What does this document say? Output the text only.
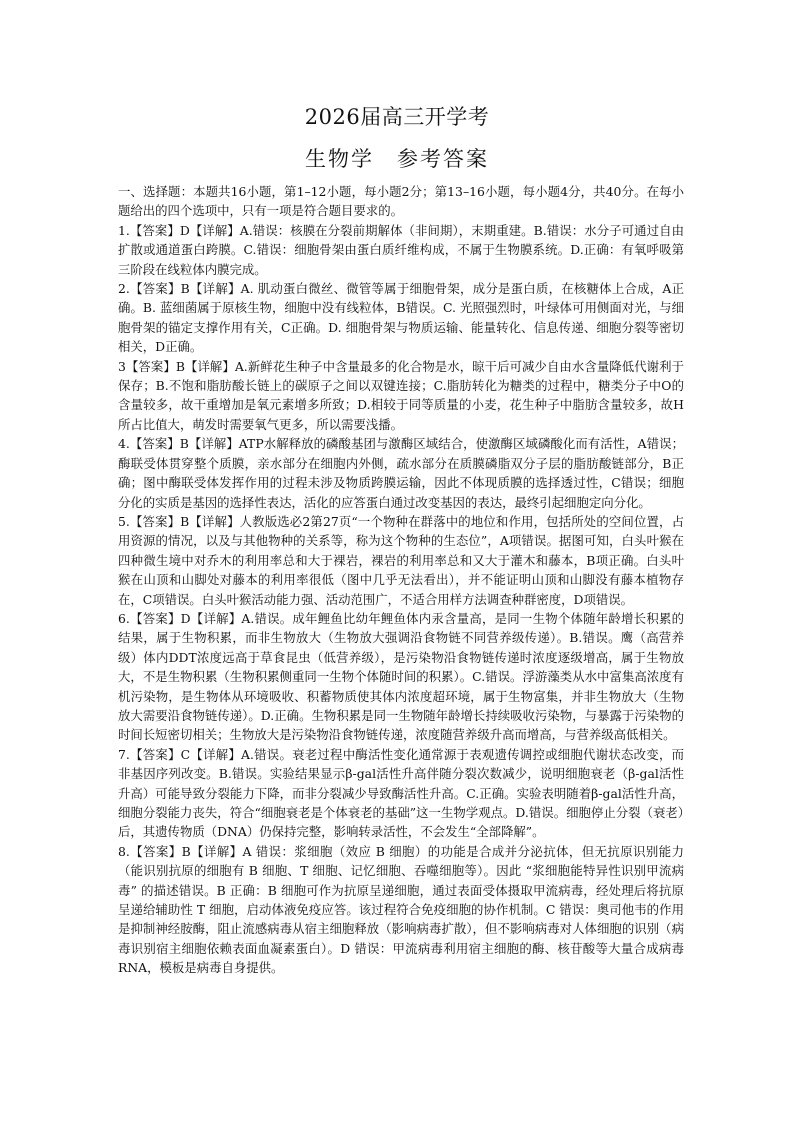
2026届高三开学考
生物学　参考答案

一、选择题：本题共16小题，第1–12小题，每小题2分；第13–16小题，每小题4分，共40分。在每小题给出的四个选项中，只有一项是符合题目要求的。

1.【答案】D【详解】A.错误：核膜在分裂前期解体（非间期），末期重建。B.错误：水分子可通过自由扩散或通道蛋白跨膜。C.错误：细胞骨架由蛋白质纤维构成，不属于生物膜系统。D.正确：有氧呼吸第三阶段在线粒体内膜完成。

2.【答案】B【详解】A. 肌动蛋白微丝、微管等属于细胞骨架，成分是蛋白质，在核糖体上合成，A正确。B. 蓝细菌属于原核生物，细胞中没有线粒体，B错误。C. 光照强烈时，叶绿体可用侧面对光，与细胞骨架的锚定支撑作用有关，C正确。D. 细胞骨架与物质运输、能量转化、信息传递、细胞分裂等密切相关，D正确。

3【答案】B【详解】A.新鲜花生种子中含量最多的化合物是水，晾干后可减少自由水含量降低代谢利于保存；B.不饱和脂肪酸长链上的碳原子之间以双键连接；C.脂肪转化为糖类的过程中，糖类分子中O的含量较多，故干重增加是氧元素增多所致；D.相较于同等质量的小麦，花生种子中脂肪含量较多，故H所占比值大，萌发时需要氧气更多，所以需要浅播。

4.【答案】B【详解】ATP水解释放的磷酸基团与激酶区域结合，使激酶区域磷酸化而有活性，A错误；酶联受体贯穿整个质膜，亲水部分在细胞内外侧，疏水部分在质膜磷脂双分子层的脂肪酸链部分，B正确；图中酶联受体发挥作用的过程未涉及物质跨膜运输，因此不体现质膜的选择透过性，C错误；细胞分化的实质是基因的选择性表达，活化的应答蛋白通过改变基因的表达，最终引起细胞定向分化。

5.【答案】B【详解】人教版选必2第27页“一个物种在群落中的地位和作用，包括所处的空间位置，占用资源的情况，以及与其他物种的关系等，称为这个物种的生态位”，A项错误。据图可知，白头叶猴在四种微生境中对乔木的利用率总和大于裸岩，裸岩的利用率总和又大于灌木和藤本，B项正确。白头叶猴在山顶和山脚处对藤本的利用率很低（图中几乎无法看出），并不能证明山顶和山脚没有藤本植物存在，C项错误。白头叶猴活动能力强、活动范围广，不适合用样方法调查种群密度，D项错误。

6.【答案】D【详解】A.错误。成年鲤鱼比幼年鲤鱼体内汞含量高，是同一生物个体随年龄增长积累的结果，属于生物积累，而非生物放大（生物放大强调沿食物链不同营养级传递）。B.错误。鹰（高营养级）体内DDT浓度远高于草食昆虫（低营养级），是污染物沿食物链传递时浓度逐级增高，属于生物放大，不是生物积累（生物积累侧重同一生物个体随时间的积累）。C.错误。浮游藻类从水中富集高浓度有机污染物，是生物体从环境吸收、积蓄物质使其体内浓度超环境，属于生物富集，并非生物放大（生物放大需要沿食物链传递）。D.正确。生物积累是同一生物随年龄增长持续吸收污染物，与暴露于污染物的时间长短密切相关；生物放大是污染物沿食物链传递，浓度随营养级升高而增高，与营养级高低相关。

7.【答案】C【详解】A.错误。衰老过程中酶活性变化通常源于表观遗传调控或细胞代谢状态改变，而非基因序列改变。B.错误。实验结果显示β-gal活性升高伴随分裂次数减少，说明细胞衰老（β-gal活性升高）可能导致分裂能力下降，而非分裂减少导致酶活性升高。C.正确。实验表明随着β-gal活性升高，细胞分裂能力丧失，符合“细胞衰老是个体衰老的基础”这一生物学观点。D.错误。细胞停止分裂（衰老）后，其遗传物质（DNA）仍保持完整，影响转录活性，不会发生“全部降解”。

8.【答案】B【详解】A 错误：浆细胞（效应 B 细胞）的功能是合成并分泌抗体，但无抗原识别能力（能识别抗原的细胞有 B 细胞、T 细胞、记忆细胞、吞噬细胞等）。因此 “浆细胞能特异性识别甲流病毒” 的描述错误。B 正确：B 细胞可作为抗原呈递细胞，通过表面受体摄取甲流病毒，经处理后将抗原呈递给辅助性 T 细胞，启动体液免疫应答。该过程符合免疫细胞的协作机制。C 错误：奥司他韦的作用是抑制神经胺酶，阻止流感病毒从宿主细胞释放（影响病毒扩散），但不影响病毒对人体细胞的识别（病毒识别宿主细胞依赖表面血凝素蛋白）。D 错误：甲流病毒利用宿主细胞的酶、核苷酸等大量合成病毒RNA，模板是病毒自身提供。
